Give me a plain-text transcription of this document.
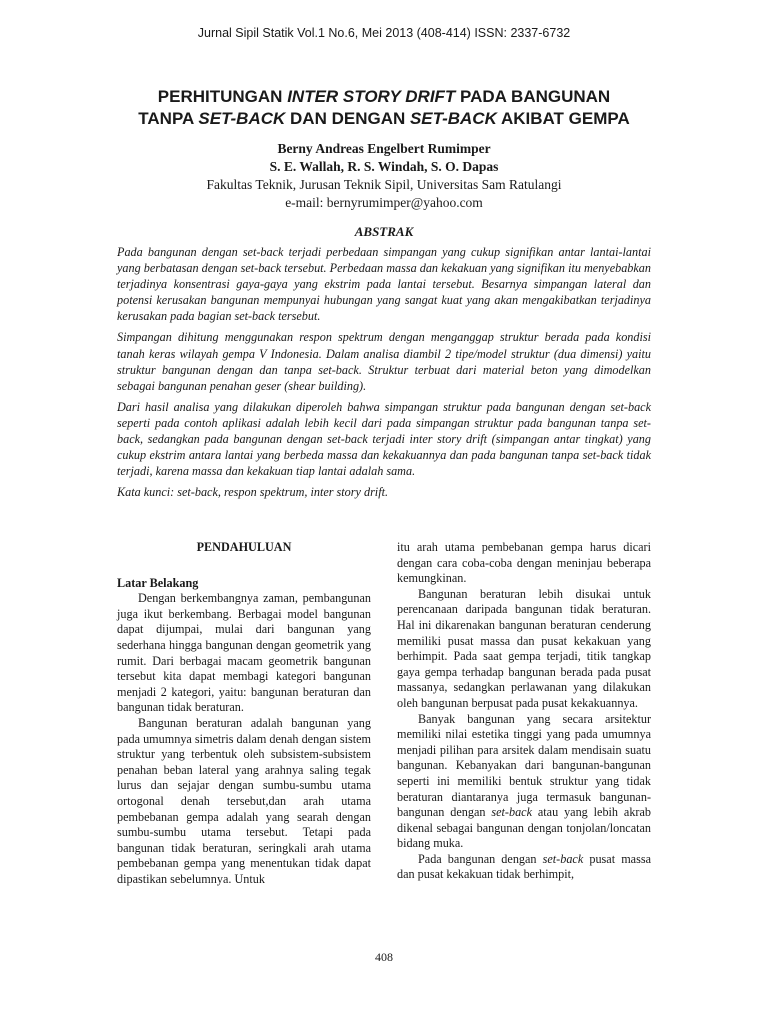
Jurnal Sipil Statik Vol.1 No.6, Mei 2013 (408-414) ISSN: 2337-6732
PERHITUNGAN INTER STORY DRIFT PADA BANGUNAN
TANPA SET-BACK DAN DENGAN SET-BACK AKIBAT GEMPA
Berny Andreas Engelbert Rumimper
S. E. Wallah, R. S. Windah, S. O. Dapas
Fakultas Teknik, Jurusan Teknik Sipil, Universitas Sam Ratulangi
e-mail: bernyrumimper@yahoo.com
ABSTRAK

Pada bangunan dengan set-back terjadi perbedaan simpangan yang cukup signifikan antar lantai-lantai yang berbatasan dengan set-back tersebut. Perbedaan massa dan kekakuan yang signifikan itu menyebabkan terjadinya konsentrasi gaya-gaya yang ekstrim pada lantai tersebut. Besarnya simpangan lateral dan potensi kerusakan bangunan mempunyai hubungan yang sangat kuat yang akan mengakibatkan terjadinya kerusakan pada bagian set-back tersebut.

Simpangan dihitung menggunakan respon spektrum dengan menganggap struktur berada pada kondisi tanah keras wilayah gempa V Indonesia. Dalam analisa diambil 2 tipe/model struktur (dua dimensi) yaitu struktur bangunan dengan dan tanpa set-back. Struktur terbuat dari material beton yang dimodelkan sebagai bangunan penahan geser (shear building).

Dari hasil analisa yang dilakukan diperoleh bahwa simpangan struktur pada bangunan dengan set-back seperti pada contoh aplikasi adalah lebih kecil dari pada simpangan struktur pada bangunan tanpa set-back, sedangkan pada bangunan dengan set-back terjadi inter story drift (simpangan antar tingkat) yang cukup ekstrim antara lantai yang berbeda massa dan kekakuannya dan pada bangunan tanpa set-back tidak terjadi, karena massa dan kekakuan tiap lantai adalah sama.

Kata kunci: set-back, respon spektrum, inter story drift.

PENDAHULUAN

Latar Belakang

Dengan berkembangnya zaman, pembangunan juga ikut berkembang. Berbagai model bangunan dapat dijumpai, mulai dari bangunan yang sederhana hingga bangunan dengan geometrik yang rumit. Dari berbagai macam geometrik bangunan tersebut kita dapat membagi kategori bangunan menjadi 2 kategori, yaitu: bangunan beraturan dan bangunan tidak beraturan.

Bangunan beraturan adalah bangunan yang pada umumnya simetris dalam denah dengan sistem struktur yang terbentuk oleh subsistem-subsistem penahan beban lateral yang arahnya saling tegak lurus dan sejajar dengan sumbu-sumbu utama ortogonal denah tersebut,dan arah utama pembebanan gempa adalah yang searah dengan sumbu-sumbu utama tersebut. Tetapi pada bangunan tidak beraturan, seringkali arah utama pembebanan gempa yang menentukan tidak dapat dipastikan sebelumnya. Untuk

itu arah utama pembebanan gempa harus dicari dengan cara coba-coba dengan meninjau beberapa kemungkinan.

Bangunan beraturan lebih disukai untuk perencanaan daripada bangunan tidak beraturan. Hal ini dikarenakan bangunan beraturan cenderung memiliki pusat massa dan pusat kekakuan yang berhimpit. Pada saat gempa terjadi, titik tangkap gaya gempa terhadap bangunan berada pada pusat massanya, sedangkan perlawanan yang dilakukan oleh bangunan berpusat pada pusat kekakuannya.

Banyak bangunan yang secara arsitektur memiliki nilai estetika tinggi yang pada umumnya menjadi pilihan para arsitek dalam mendisain suatu bangunan. Kebanyakan dari bangunan-bangunan seperti ini memiliki bentuk struktur yang tidak beraturan diantaranya juga termasuk bangunan-bangunan dengan set-back atau yang lebih akrab dikenal sebagai bangunan dengan tonjolan/loncatan bidang muka.

Pada bangunan dengan set-back pusat massa dan pusat kekakuan tidak berhimpit,

408
